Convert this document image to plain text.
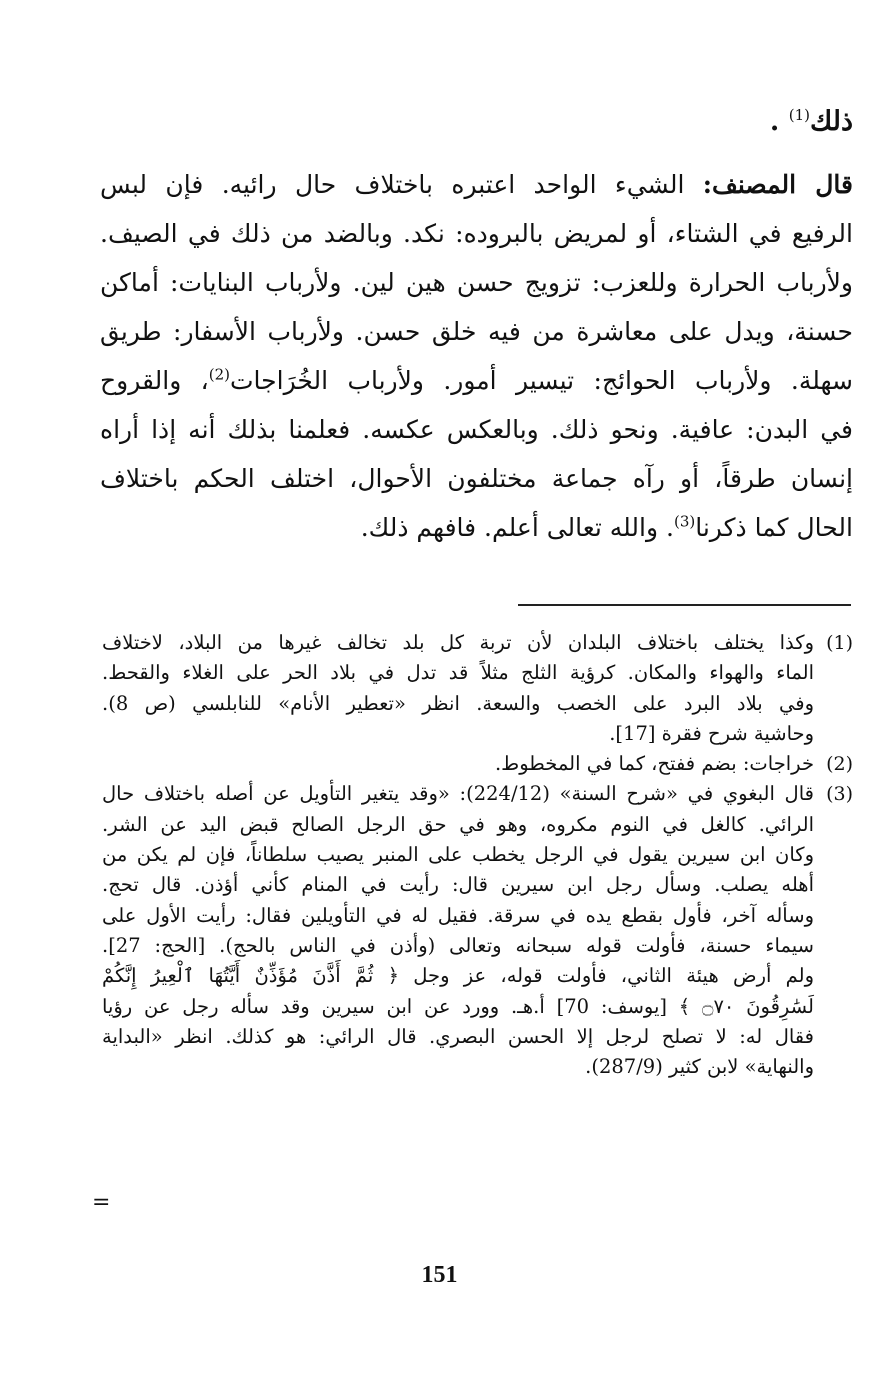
ذلك$^{(1)}$ .
قال المصنف: الشيء الواحد اعتبره باختلاف حال رائيه. فإن لبس
الرفيع في الشتاء، أو لمريض بالبروده: نكد. وبالضد من ذلك في الصيف.
ولأرباب الحرارة وللعزب: تزويج حسن هين لين. ولأرباب البنايات: أماكن
حسنة، ويدل على معاشرة من فيه خلق حسن. ولأرباب الأسفار: طريق
سهلة. ولأرباب الحوائج: تيسير أمور. ولأرباب الخُرَاجات$^{(2)}$، والقروح
في البدن: عافية. ونحو ذلك. وبالعكس عكسه. فعلمنا بذلك أنه إذا أراه
إنسان طرقاً، أو رآه جماعة مختلفون الأحوال، اختلف الحكم باختلاف
الحال كما ذكرنا$^{(3)}$. والله تعالى أعلم. فافهم ذلك.
(1)
وكذا يختلف باختلاف البلدان لأن تربة كل بلد تخالف غيرها من البلاد، لاختلاف
الماء والهواء والمكان. كرؤية الثلج مثلاً قد تدل في بلاد الحر على الغلاء والقحط.
وفي بلاد البرد على الخصب والسعة. انظر «تعطير الأنام» للنابلسي (ص 8).
وحاشية شرح فقرة [17].
(2)
خراجات: بضم ففتح، كما في المخطوط.
(3)
قال البغوي في «شرح السنة» (224/12): «وقد يتغير التأويل عن أصله باختلاف حال
الرائي. كالغل في النوم مكروه، وهو في حق الرجل الصالح قبض اليد عن الشر.
وكان ابن سيرين يقول في الرجل يخطب على المنبر يصيب سلطاناً، فإن لم يكن من
أهله يصلب. وسأل رجل ابن سيرين قال: رأيت في المنام كأني أؤذن. قال تحج.
وسأله آخر، فأول بقطع يده في سرقة. فقيل له في التأويلين فقال: رأيت الأول على
سيماء حسنة، فأولت قوله سبحانه وتعالى (وأذن في الناس بالحج). [الحج: 27].
ولم أرض هيئة الثاني، فأولت قوله، عز وجل ﴿ ثُمَّ أَذَّنَ مُؤَذِّنٌ أَيَّتُهَا ٱلْعِيرُ إِنَّكُمْ
لَسَٰرِقُونَ ۝٧٠ ﴾ [يوسف: 70] أ.هـ. وورد عن ابن سيرين وقد سأله رجل عن رؤيا
فقال له: لا تصلح لرجل إلا الحسن البصري. قال الرائي: هو كذلك. انظر «البداية
والنهاية» لابن كثير (287/9).
=
151
